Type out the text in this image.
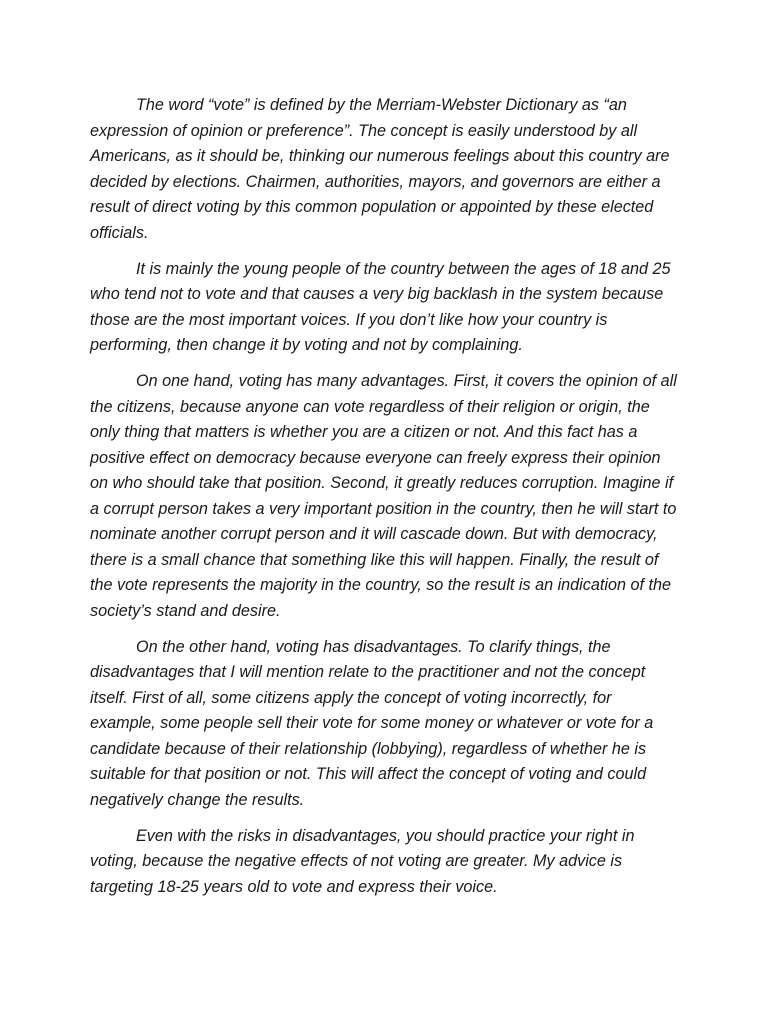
The word “vote” is defined by the Merriam-Webster Dictionary as “an expression of opinion or preference”. The concept is easily understood by all Americans, as it should be, thinking our numerous feelings about this country are decided by elections. Chairmen, authorities, mayors, and governors are either a result of direct voting by this common population or appointed by these elected officials.

It is mainly the young people of the country between the ages of 18 and 25 who tend not to vote and that causes a very big backlash in the system because those are the most important voices. If you don’t like how your country is performing, then change it by voting and not by complaining.

On one hand, voting has many advantages. First, it covers the opinion of all the citizens, because anyone can vote regardless of their religion or origin, the only thing that matters is whether you are a citizen or not. And this fact has a positive effect on democracy because everyone can freely express their opinion on who should take that position. Second, it greatly reduces corruption. Imagine if a corrupt person takes a very important position in the country, then he will start to nominate another corrupt person and it will cascade down. But with democracy, there is a small chance that something like this will happen. Finally, the result of the vote represents the majority in the country, so the result is an indication of the society’s stand and desire.

On the other hand, voting has disadvantages. To clarify things, the disadvantages that I will mention relate to the practitioner and not the concept itself. First of all, some citizens apply the concept of voting incorrectly, for example, some people sell their vote for some money or whatever or vote for a candidate because of their relationship (lobbying), regardless of whether he is suitable for that position or not. This will affect the concept of voting and could negatively change the results.

Even with the risks in disadvantages, you should practice your right in voting, because the negative effects of not voting are greater. My advice is targeting 18-25 years old to vote and express their voice.
